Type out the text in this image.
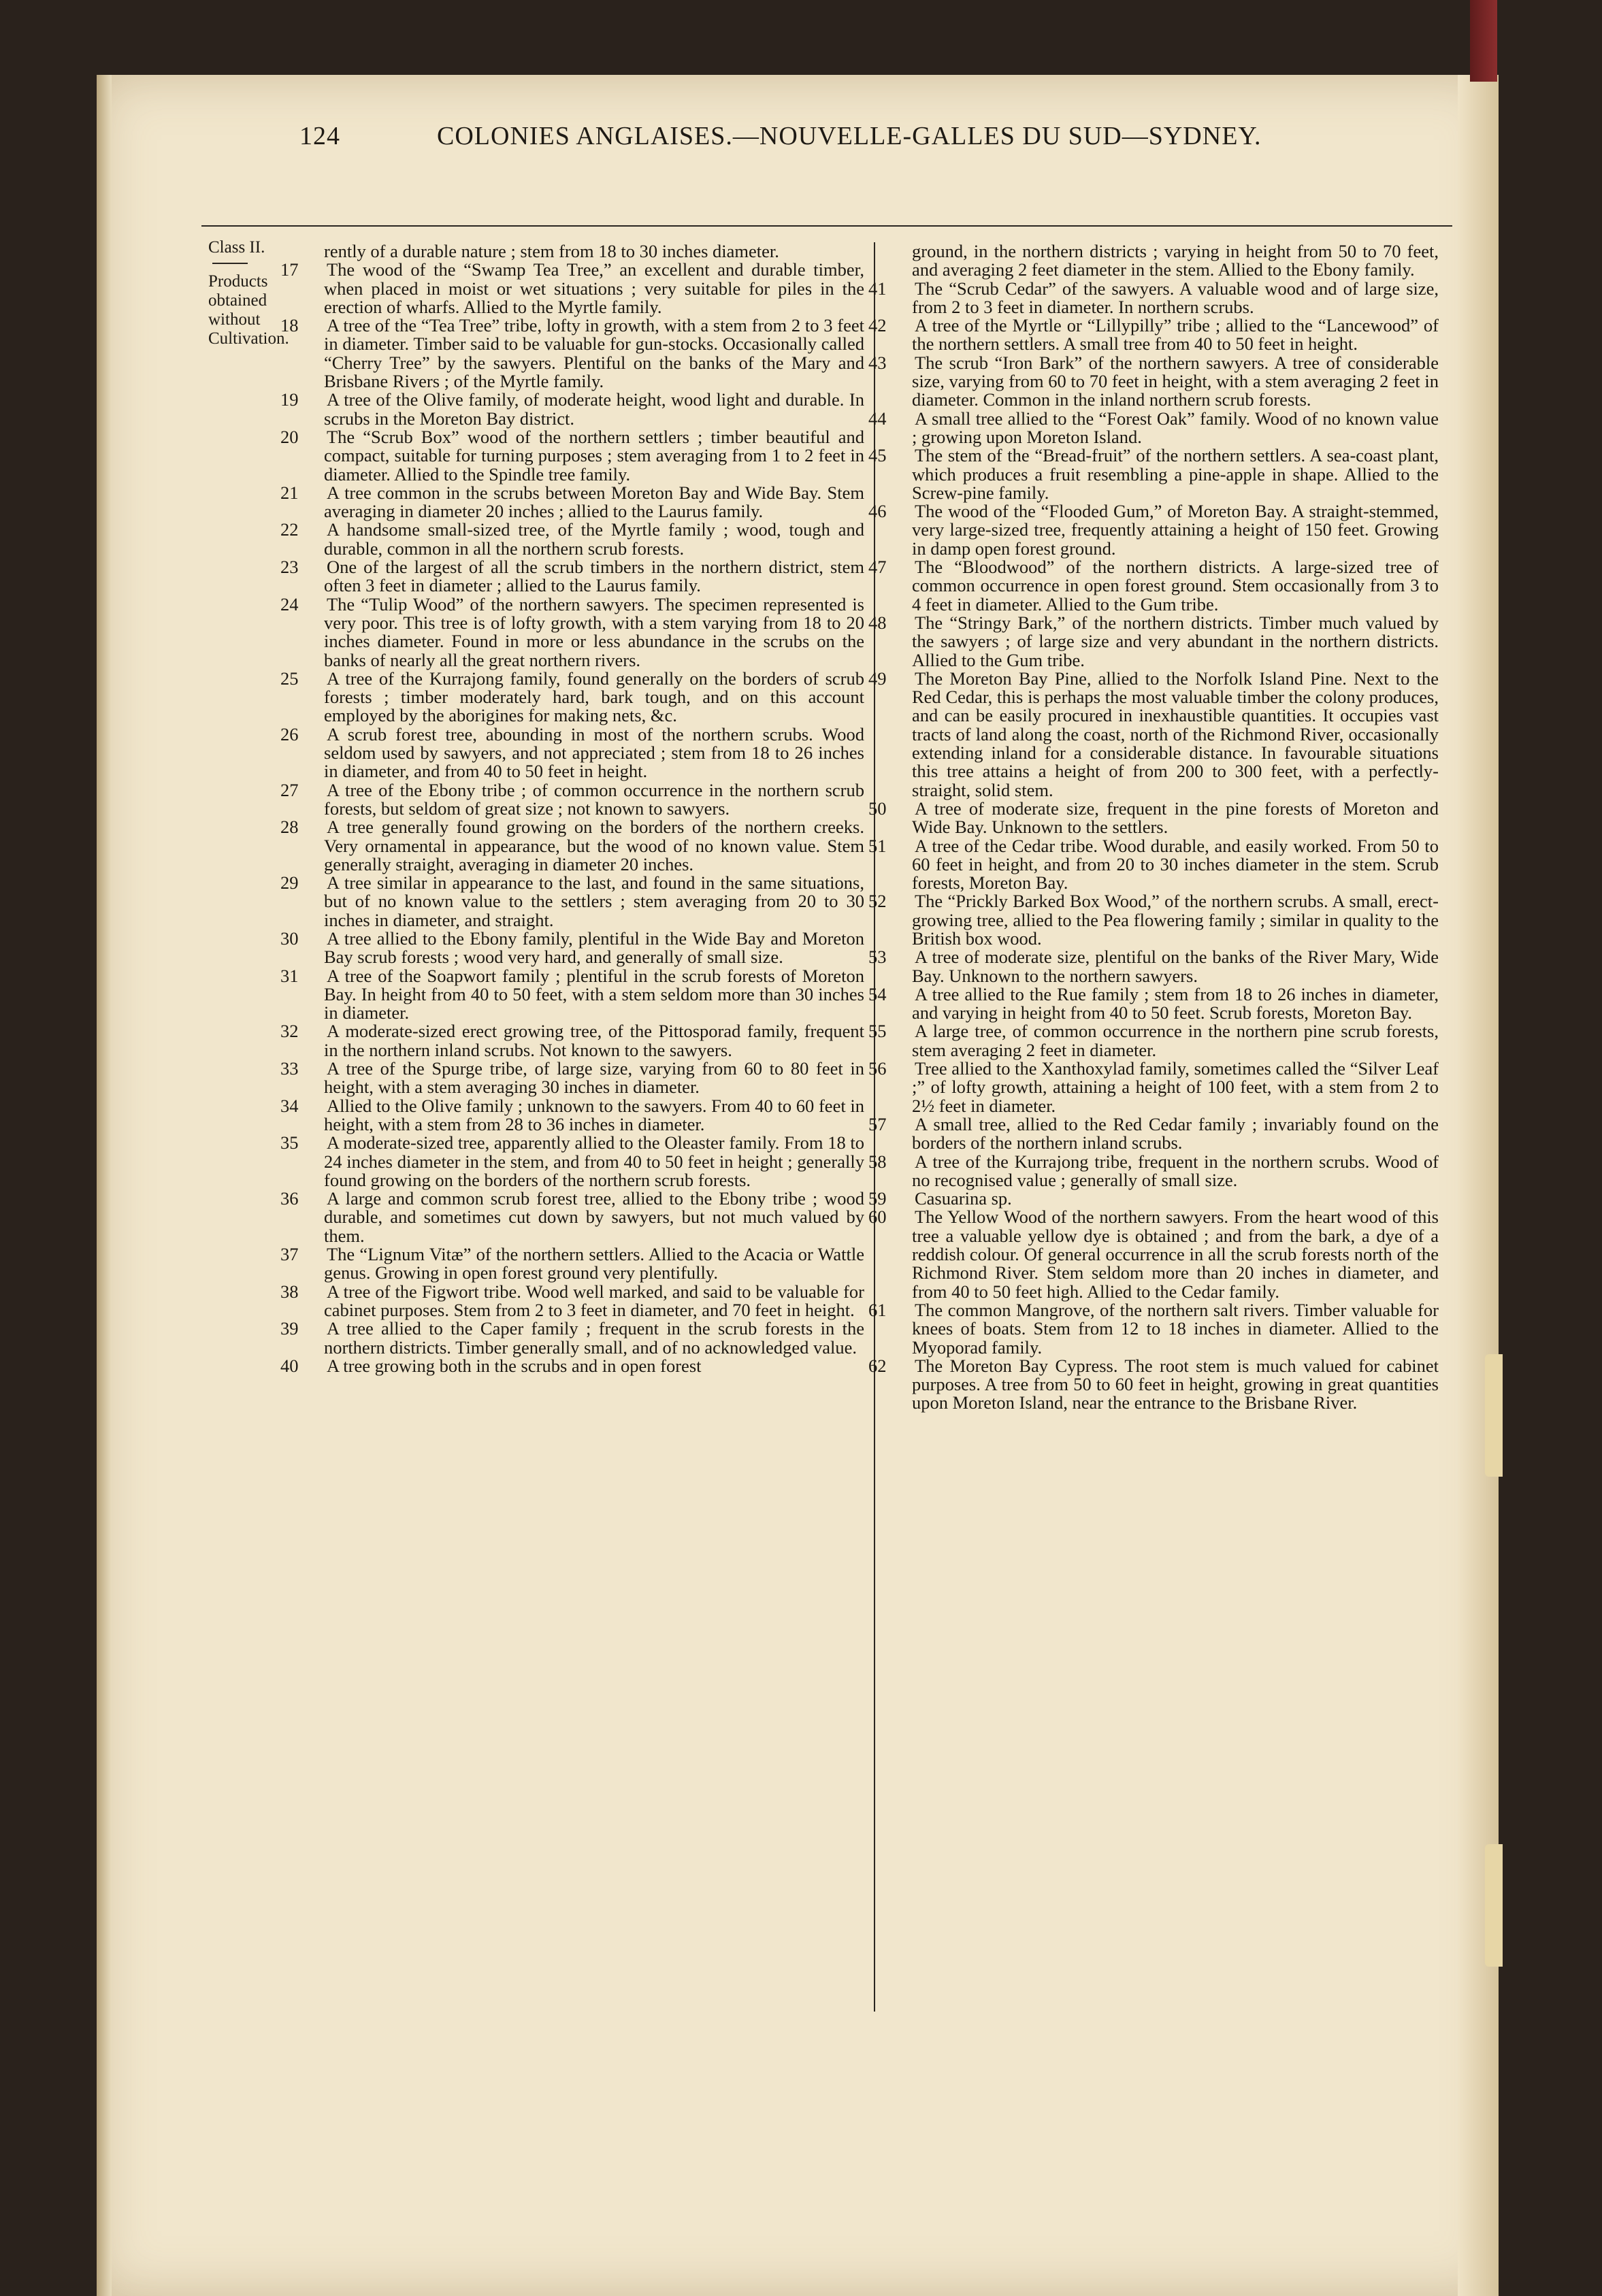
124	COLONIES ANGLAISES.—NOUVELLE-GALLES DU SUD—SYDNEY.
Class II.
Products obtained without Cultivation.

rently of a durable nature ; stem from 18 to 30 inches diameter.

17 The wood of the “Swamp Tea Tree,” an excellent and durable timber, when placed in moist or wet situations ; very suitable for piles in the erection of wharfs. Allied to the Myrtle family.

18 A tree of the “Tea Tree” tribe, lofty in growth, with a stem from 2 to 3 feet in diameter. Timber said to be valuable for gun-stocks. Occasionally called “Cherry Tree” by the sawyers. Plentiful on the banks of the Mary and Brisbane Rivers ; of the Myrtle family.

19 A tree of the Olive family, of moderate height, wood light and durable. In scrubs in the Moreton Bay district.

20 The “Scrub Box” wood of the northern settlers ; timber beautiful and compact, suitable for turning purposes ; stem averaging from 1 to 2 feet in diameter. Allied to the Spindle tree family.

21 A tree common in the scrubs between Moreton Bay and Wide Bay. Stem averaging in diameter 20 inches ; allied to the Laurus family.

22 A handsome small-sized tree, of the Myrtle family ; wood, tough and durable, common in all the northern scrub forests.

23 One of the largest of all the scrub timbers in the northern district, stem often 3 feet in diameter ; allied to the Laurus family.

24 The “Tulip Wood” of the northern sawyers. The specimen represented is very poor. This tree is of lofty growth, with a stem varying from 18 to 20 inches diameter. Found in more or less abundance in the scrubs on the banks of nearly all the great northern rivers.

25 A tree of the Kurrajong family, found generally on the borders of scrub forests ; timber moderately hard, bark tough, and on this account employed by the aborigines for making nets, &c.

26 A scrub forest tree, abounding in most of the northern scrubs. Wood seldom used by sawyers, and not appreciated ; stem from 18 to 26 inches in diameter, and from 40 to 50 feet in height.

27 A tree of the Ebony tribe ; of common occurrence in the northern scrub forests, but seldom of great size ; not known to sawyers.

28 A tree generally found growing on the borders of the northern creeks. Very ornamental in appearance, but the wood of no known value. Stem generally straight, averaging in diameter 20 inches.

29 A tree similar in appearance to the last, and found in the same situations, but of no known value to the settlers ; stem averaging from 20 to 30 inches in diameter, and straight.

30 A tree allied to the Ebony family, plentiful in the Wide Bay and Moreton Bay scrub forests ; wood very hard, and generally of small size.

31 A tree of the Soapwort family ; plentiful in the scrub forests of Moreton Bay. In height from 40 to 50 feet, with a stem seldom more than 30 inches in diameter.

32 A moderate-sized erect growing tree, of the Pittosporad family, frequent in the northern inland scrubs. Not known to the sawyers.

33 A tree of the Spurge tribe, of large size, varying from 60 to 80 feet in height, with a stem averaging 30 inches in diameter.

34 Allied to the Olive family ; unknown to the sawyers. From 40 to 60 feet in height, with a stem from 28 to 36 inches in diameter.

35 A moderate-sized tree, apparently allied to the Oleaster family. From 18 to 24 inches diameter in the stem, and from 40 to 50 feet in height ; generally found growing on the borders of the northern scrub forests.

36 A large and common scrub forest tree, allied to the Ebony tribe ; wood durable, and sometimes cut down by sawyers, but not much valued by them.

37 The “Lignum Vitæ” of the northern settlers. Allied to the Acacia or Wattle genus. Growing in open forest ground very plentifully.

38 A tree of the Figwort tribe. Wood well marked, and said to be valuable for cabinet purposes. Stem from 2 to 3 feet in diameter, and 70 feet in height.

39 A tree allied to the Caper family ; frequent in the scrub forests in the northern districts. Timber generally small, and of no acknowledged value.

40 A tree growing both in the scrubs and in open forest

ground, in the northern districts ; varying in height from 50 to 70 feet, and averaging 2 feet diameter in the stem. Allied to the Ebony family.

41 The “Scrub Cedar” of the sawyers. A valuable wood and of large size, from 2 to 3 feet in diameter. In northern scrubs.

42 A tree of the Myrtle or “Lillypilly” tribe ; allied to the “Lancewood” of the northern settlers. A small tree from 40 to 50 feet in height.

43 The scrub “Iron Bark” of the northern sawyers. A tree of considerable size, varying from 60 to 70 feet in height, with a stem averaging 2 feet in diameter. Common in the inland northern scrub forests.

44 A small tree allied to the “Forest Oak” family. Wood of no known value ; growing upon Moreton Island.

45 The stem of the “Bread-fruit” of the northern settlers. A sea-coast plant, which produces a fruit resembling a pine-apple in shape. Allied to the Screw-pine family.

46 The wood of the “Flooded Gum,” of Moreton Bay. A straight-stemmed, very large-sized tree, frequently attaining a height of 150 feet. Growing in damp open forest ground.

47 The “Bloodwood” of the northern districts. A large-sized tree of common occurrence in open forest ground. Stem occasionally from 3 to 4 feet in diameter. Allied to the Gum tribe.

48 The “Stringy Bark,” of the northern districts. Timber much valued by the sawyers ; of large size and very abundant in the northern districts. Allied to the Gum tribe.

49 The Moreton Bay Pine, allied to the Norfolk Island Pine. Next to the Red Cedar, this is perhaps the most valuable timber the colony produces, and can be easily procured in inexhaustible quantities. It occupies vast tracts of land along the coast, north of the Richmond River, occasionally extending inland for a considerable distance. In favourable situations this tree attains a height of from 200 to 300 feet, with a perfectly-straight, solid stem.

50 A tree of moderate size, frequent in the pine forests of Moreton and Wide Bay. Unknown to the settlers.

51 A tree of the Cedar tribe. Wood durable, and easily worked. From 50 to 60 feet in height, and from 20 to 30 inches diameter in the stem. Scrub forests, Moreton Bay.

52 The “Prickly Barked Box Wood,” of the northern scrubs. A small, erect-growing tree, allied to the Pea flowering family ; similar in quality to the British box wood.

53 A tree of moderate size, plentiful on the banks of the River Mary, Wide Bay. Unknown to the northern sawyers.

54 A tree allied to the Rue family ; stem from 18 to 26 inches in diameter, and varying in height from 40 to 50 feet. Scrub forests, Moreton Bay.

55 A large tree, of common occurrence in the northern pine scrub forests, stem averaging 2 feet in diameter.

56 Tree allied to the Xanthoxylad family, sometimes called the “Silver Leaf ;” of lofty growth, attaining a height of 100 feet, with a stem from 2 to 2½ feet in diameter.

57 A small tree, allied to the Red Cedar family ; invariably found on the borders of the northern inland scrubs.

58 A tree of the Kurrajong tribe, frequent in the northern scrubs. Wood of no recognised value ; generally of small size.

59 Casuarina sp.

60 The Yellow Wood of the northern sawyers. From the heart wood of this tree a valuable yellow dye is obtained ; and from the bark, a dye of a reddish colour. Of general occurrence in all the scrub forests north of the Richmond River. Stem seldom more than 20 inches in diameter, and from 40 to 50 feet high. Allied to the Cedar family.

61 The common Mangrove, of the northern salt rivers. Timber valuable for knees of boats. Stem from 12 to 18 inches in diameter. Allied to the Myoporad family.

62 The Moreton Bay Cypress. The root stem is much valued for cabinet purposes. A tree from 50 to 60 feet in height, growing in great quantities upon Moreton Island, near the entrance to the Brisbane River.
